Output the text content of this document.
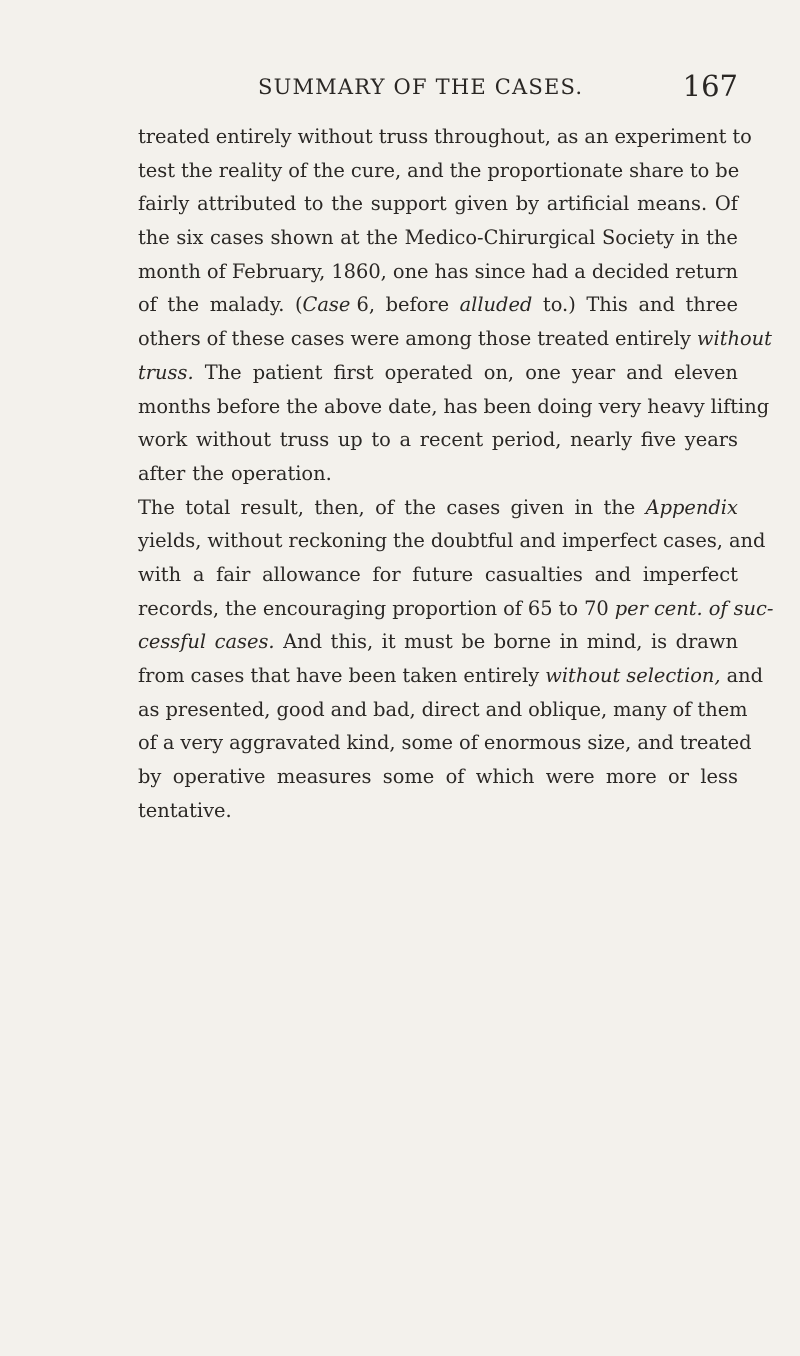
SUMMARY OF THE CASES.	167
treated entirely without truss throughout, as an experiment to
test the reality of the cure, and the proportionate share to be
fairly attributed to the support given by artificial means. Of
the six cases shown at the Medico-Chirurgical Society in the
month of February, 1860, one has since had a decided return
of the malady. (Case 6, before alluded to.) This and three
others of these cases were among those treated entirely without
truss. The patient first operated on, one year and eleven
months before the above date, has been doing very heavy lifting
work without truss up to a recent period, nearly five years
after the operation.
The total result, then, of the cases given in the Appendix
yields, without reckoning the doubtful and imperfect cases, and
with a fair allowance for future casualties and imperfect
records, the encouraging proportion of 65 to 70 per cent. of suc-
cessful cases. And this, it must be borne in mind, is drawn
from cases that have been taken entirely without selection, and
as presented, good and bad, direct and oblique, many of them
of a very aggravated kind, some of enormous size, and treated
by operative measures some of which were more or less
tentative.
